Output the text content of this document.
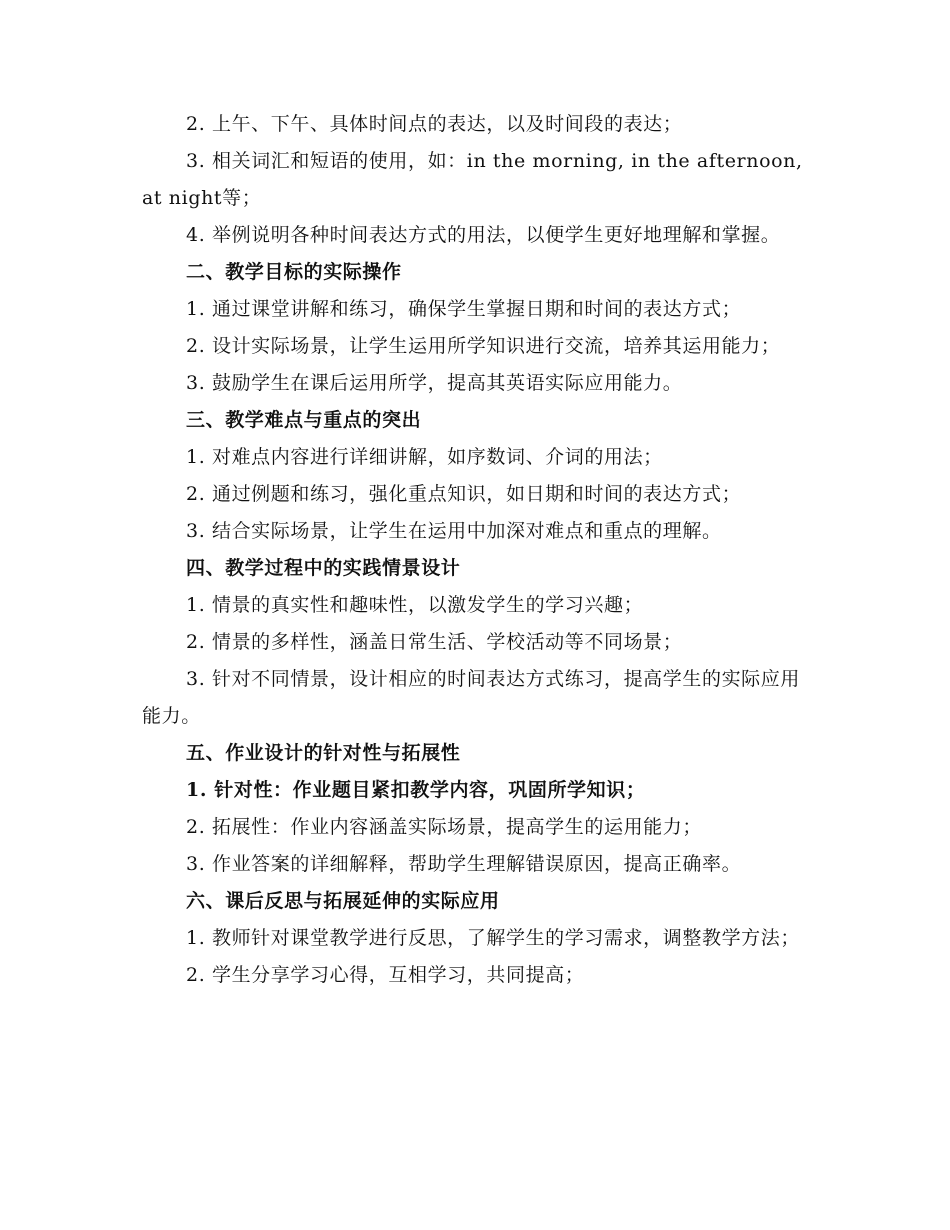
2. 上午、下午、具体时间点的表达，以及时间段的表达；

3. 相关词汇和短语的使用，如：in the morning, in the afternoon, at night等；

4. 举例说明各种时间表达方式的用法，以便学生更好地理解和掌握。

二、教学目标的实际操作

1. 通过课堂讲解和练习，确保学生掌握日期和时间的表达方式；

2. 设计实际场景，让学生运用所学知识进行交流，培养其运用能力；

3. 鼓励学生在课后运用所学，提高其英语实际应用能力。

三、教学难点与重点的突出

1. 对难点内容进行详细讲解，如序数词、介词的用法；

2. 通过例题和练习，强化重点知识，如日期和时间的表达方式；

3. 结合实际场景，让学生在运用中加深对难点和重点的理解。

四、教学过程中的实践情景设计

1. 情景的真实性和趣味性，以激发学生的学习兴趣；

2. 情景的多样性，涵盖日常生活、学校活动等不同场景；

3. 针对不同情景，设计相应的时间表达方式练习，提高学生的实际应用能力。

五、作业设计的针对性与拓展性

1. 针对性：作业题目紧扣教学内容，巩固所学知识；

2. 拓展性：作业内容涵盖实际场景，提高学生的运用能力；

3. 作业答案的详细解释，帮助学生理解错误原因，提高正确率。

六、课后反思与拓展延伸的实际应用

1. 教师针对课堂教学进行反思，了解学生的学习需求，调整教学方法；

2. 学生分享学习心得，互相学习，共同提高；
